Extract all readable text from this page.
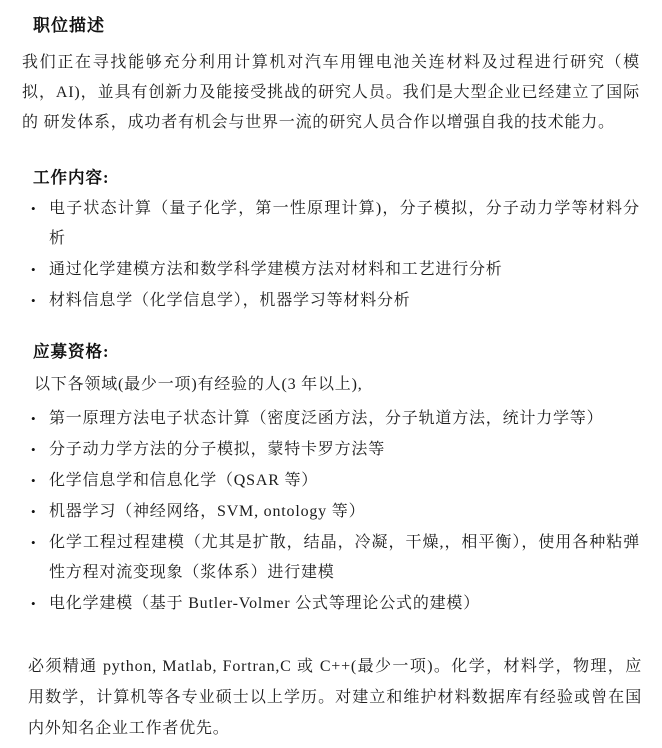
职位描述

我们正在寻找能够充分利用计算机对汽车用锂电池关连材料及过程进行研究（模拟，AI)，並具有创新力及能接受挑战的研究人员。我们是大型企业已经建立了国际的 研发体系，成功者有机会与世界一流的研究人员合作以增强自我的技术能力。

工作内容:
• 电子状态计算（量子化学，第一性原理计算)，分子模拟，分子动力学等材料分析
• 通过化学建模方法和数学科学建模方法对材料和工艺进行分析
• 材料信息学（化学信息学），机器学习等材料分析
应募资格:

以下各领域(最少一项)有经验的人(3 年以上),

• 第一原理方法电子状态计算（密度泛函方法，分子轨道方法，统计力学等）
• 分子动力学方法的分子模拟，蒙特卡罗方法等
• 化学信息学和信息化学（QSAR 等）
• 机器学习（神经网络，SVM, ontology 等）
• 化学工程过程建模（尤其是扩散，结晶，冷凝，干燥,，相平衡），使用各种粘弹性方程对流变现象（浆体系）进行建模
• 电化学建模（基于 Butler-Volmer 公式等理论公式的建模）

必须精通 python, Matlab, Fortran,C 或 C++(最少一项)。化学，材料学，物理，应用数学，计算机等各专业硕士以上学历。对建立和维护材料数据库有经验或曾在国内外知名企业工作者优先。
